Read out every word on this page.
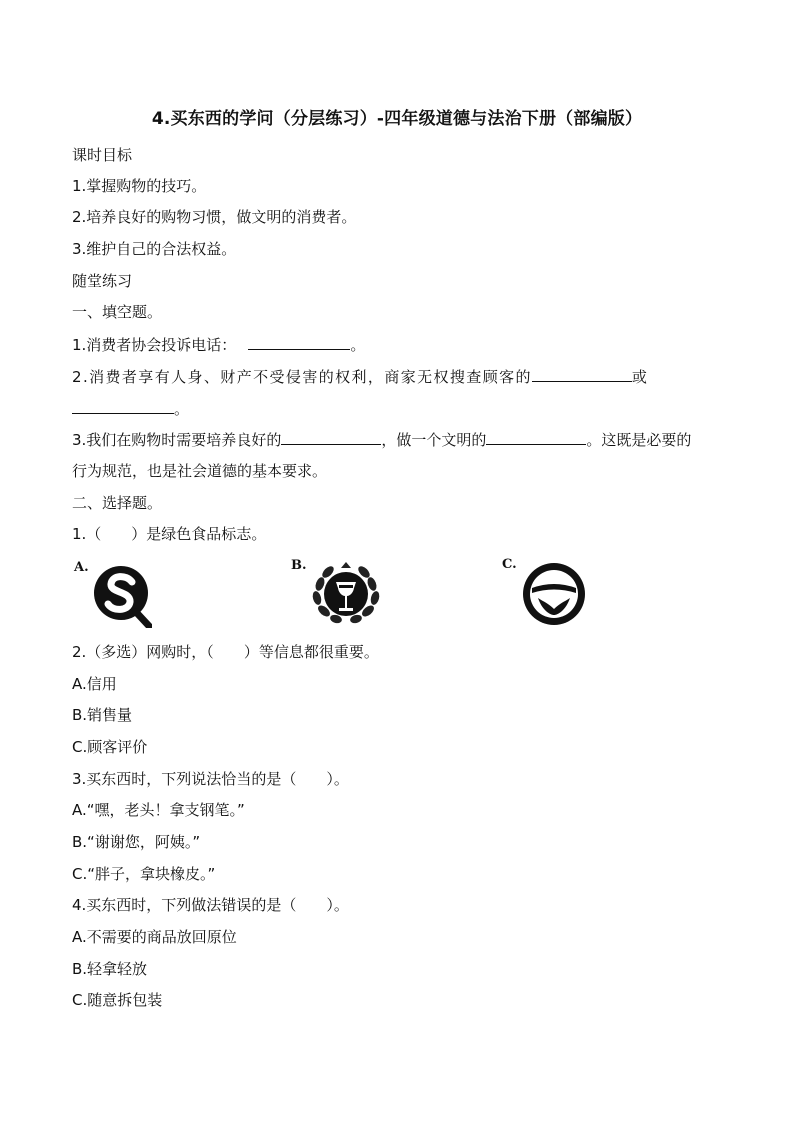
4.买东西的学问（分层练习）-四年级道德与法治下册（部编版）
课时目标
1.掌握购物的技巧。
2.培养良好的购物习惯，做文明的消费者。
3.维护自己的合法权益。
随堂练习
一、填空题。
1.消费者协会投诉电话：	。
2.消费者享有人身、财产不受侵害的权利，商家无权搜查顾客的	或
。
3.我们在购物时需要培养良好的	，做一个文明的	。这既是必要的
行为规范，也是社会道德的基本要求。
二、选择题。
1.（　　）是绿色食品标志。
A.	B.	C.
2.（多选）网购时，（　　）等信息都很重要。
A.信用
B.销售量
C.顾客评价
3.买东西时，下列说法恰当的是（　　）。
A.“嘿，老头！拿支钢笔。”
B.“谢谢您，阿姨。”
C.“胖子，拿块橡皮。”
4.买东西时，下列做法错误的是（　　）。
A.不需要的商品放回原位
B.轻拿轻放
C.随意拆包装
